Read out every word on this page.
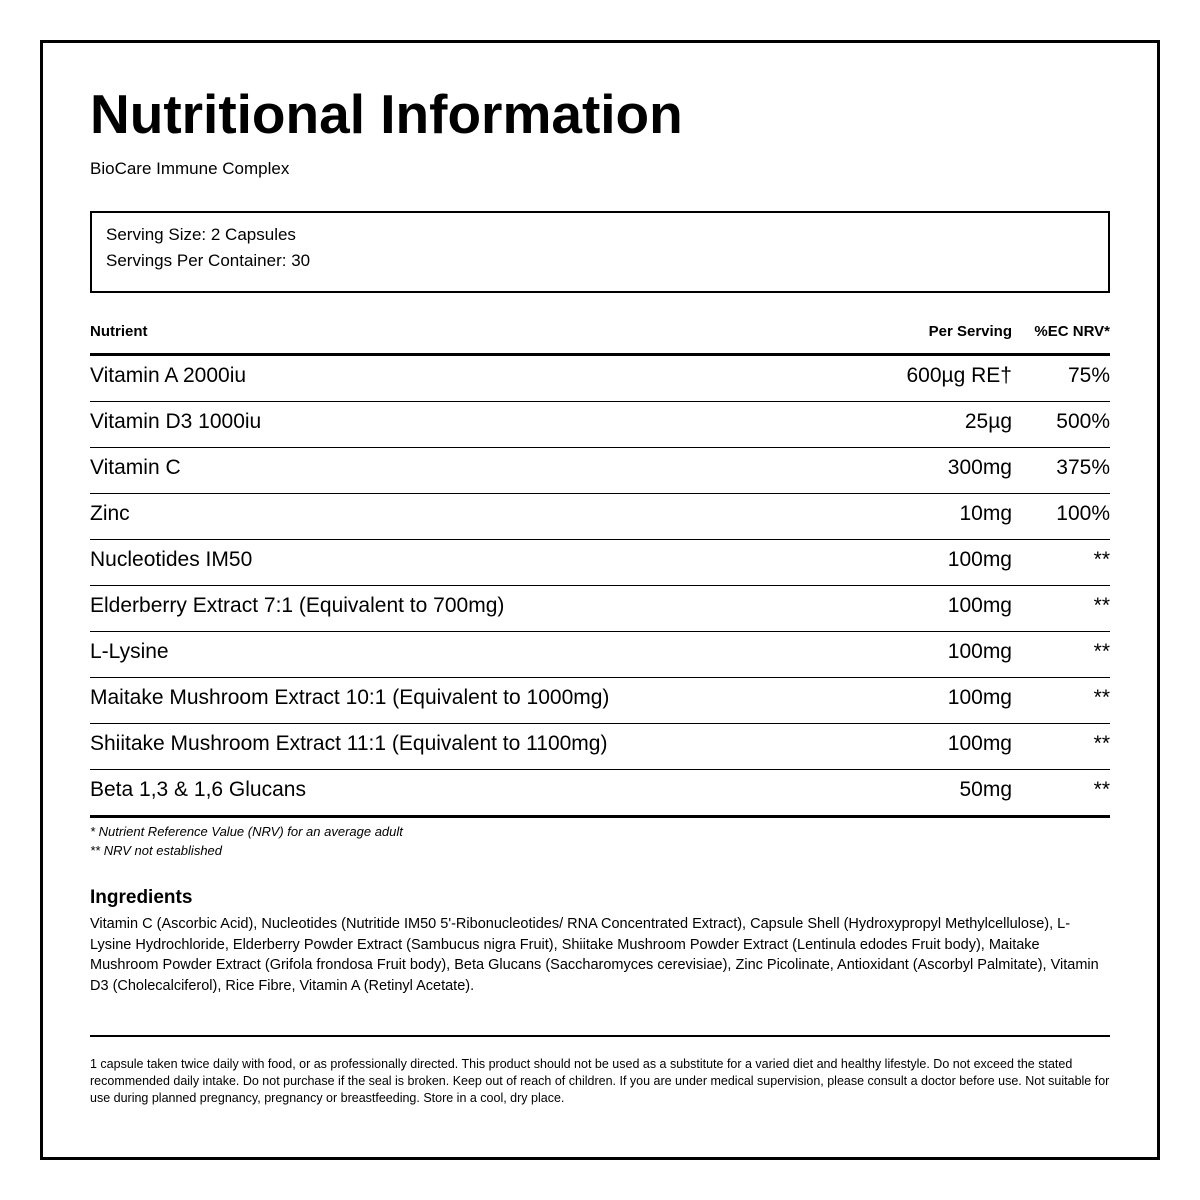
Nutritional Information
BioCare Immune Complex
Serving Size: 2 Capsules
Servings Per Container: 30
Nutrient	Per Serving %EC NRV*
Vitamin A 2000iu	600µg RE†	75%
Vitamin D3 1000iu	25µg 500%
Vitamin C	300mg 375%
Zinc	10mg 100%
Nucleotides IM50	100mg	**
Elderberry Extract 7:1 (Equivalent to 700mg)	100mg	**
L-Lysine	100mg	**
Maitake Mushroom Extract 10:1 (Equivalent to 1000mg)	100mg	**
Shiitake Mushroom Extract 11:1 (Equivalent to 1100mg)	100mg	**
Beta 1,3 & 1,6 Glucans	50mg	**
* Nutrient Reference Value (NRV) for an average adult
** NRV not established
Ingredients
Vitamin C (Ascorbic Acid), Nucleotides (Nutritide IM50 5'-Ribonucleotides/ RNA Concentrated Extract), Capsule Shell (Hydroxypropyl Methylcellulose), L-Lysine Hydrochloride, Elderberry Powder Extract (Sambucus nigra Fruit), Shiitake Mushroom Powder Extract (Lentinula edodes Fruit body), Maitake Mushroom Powder Extract (Grifola frondosa Fruit body), Beta Glucans (Saccharomyces cerevisiae), Zinc Picolinate, Antioxidant (Ascorbyl Palmitate), Vitamin D3 (Cholecalciferol), Rice Fibre, Vitamin A (Retinyl Acetate).
1 capsule taken twice daily with food, or as professionally directed. This product should not be used as a substitute for a varied diet and healthy lifestyle. Do not exceed the stated recommended daily intake. Do not purchase if the seal is broken. Keep out of reach of children. If you are under medical supervision, please consult a doctor before use. Not suitable for use during planned pregnancy, pregnancy or breastfeeding. Store in a cool, dry place.
